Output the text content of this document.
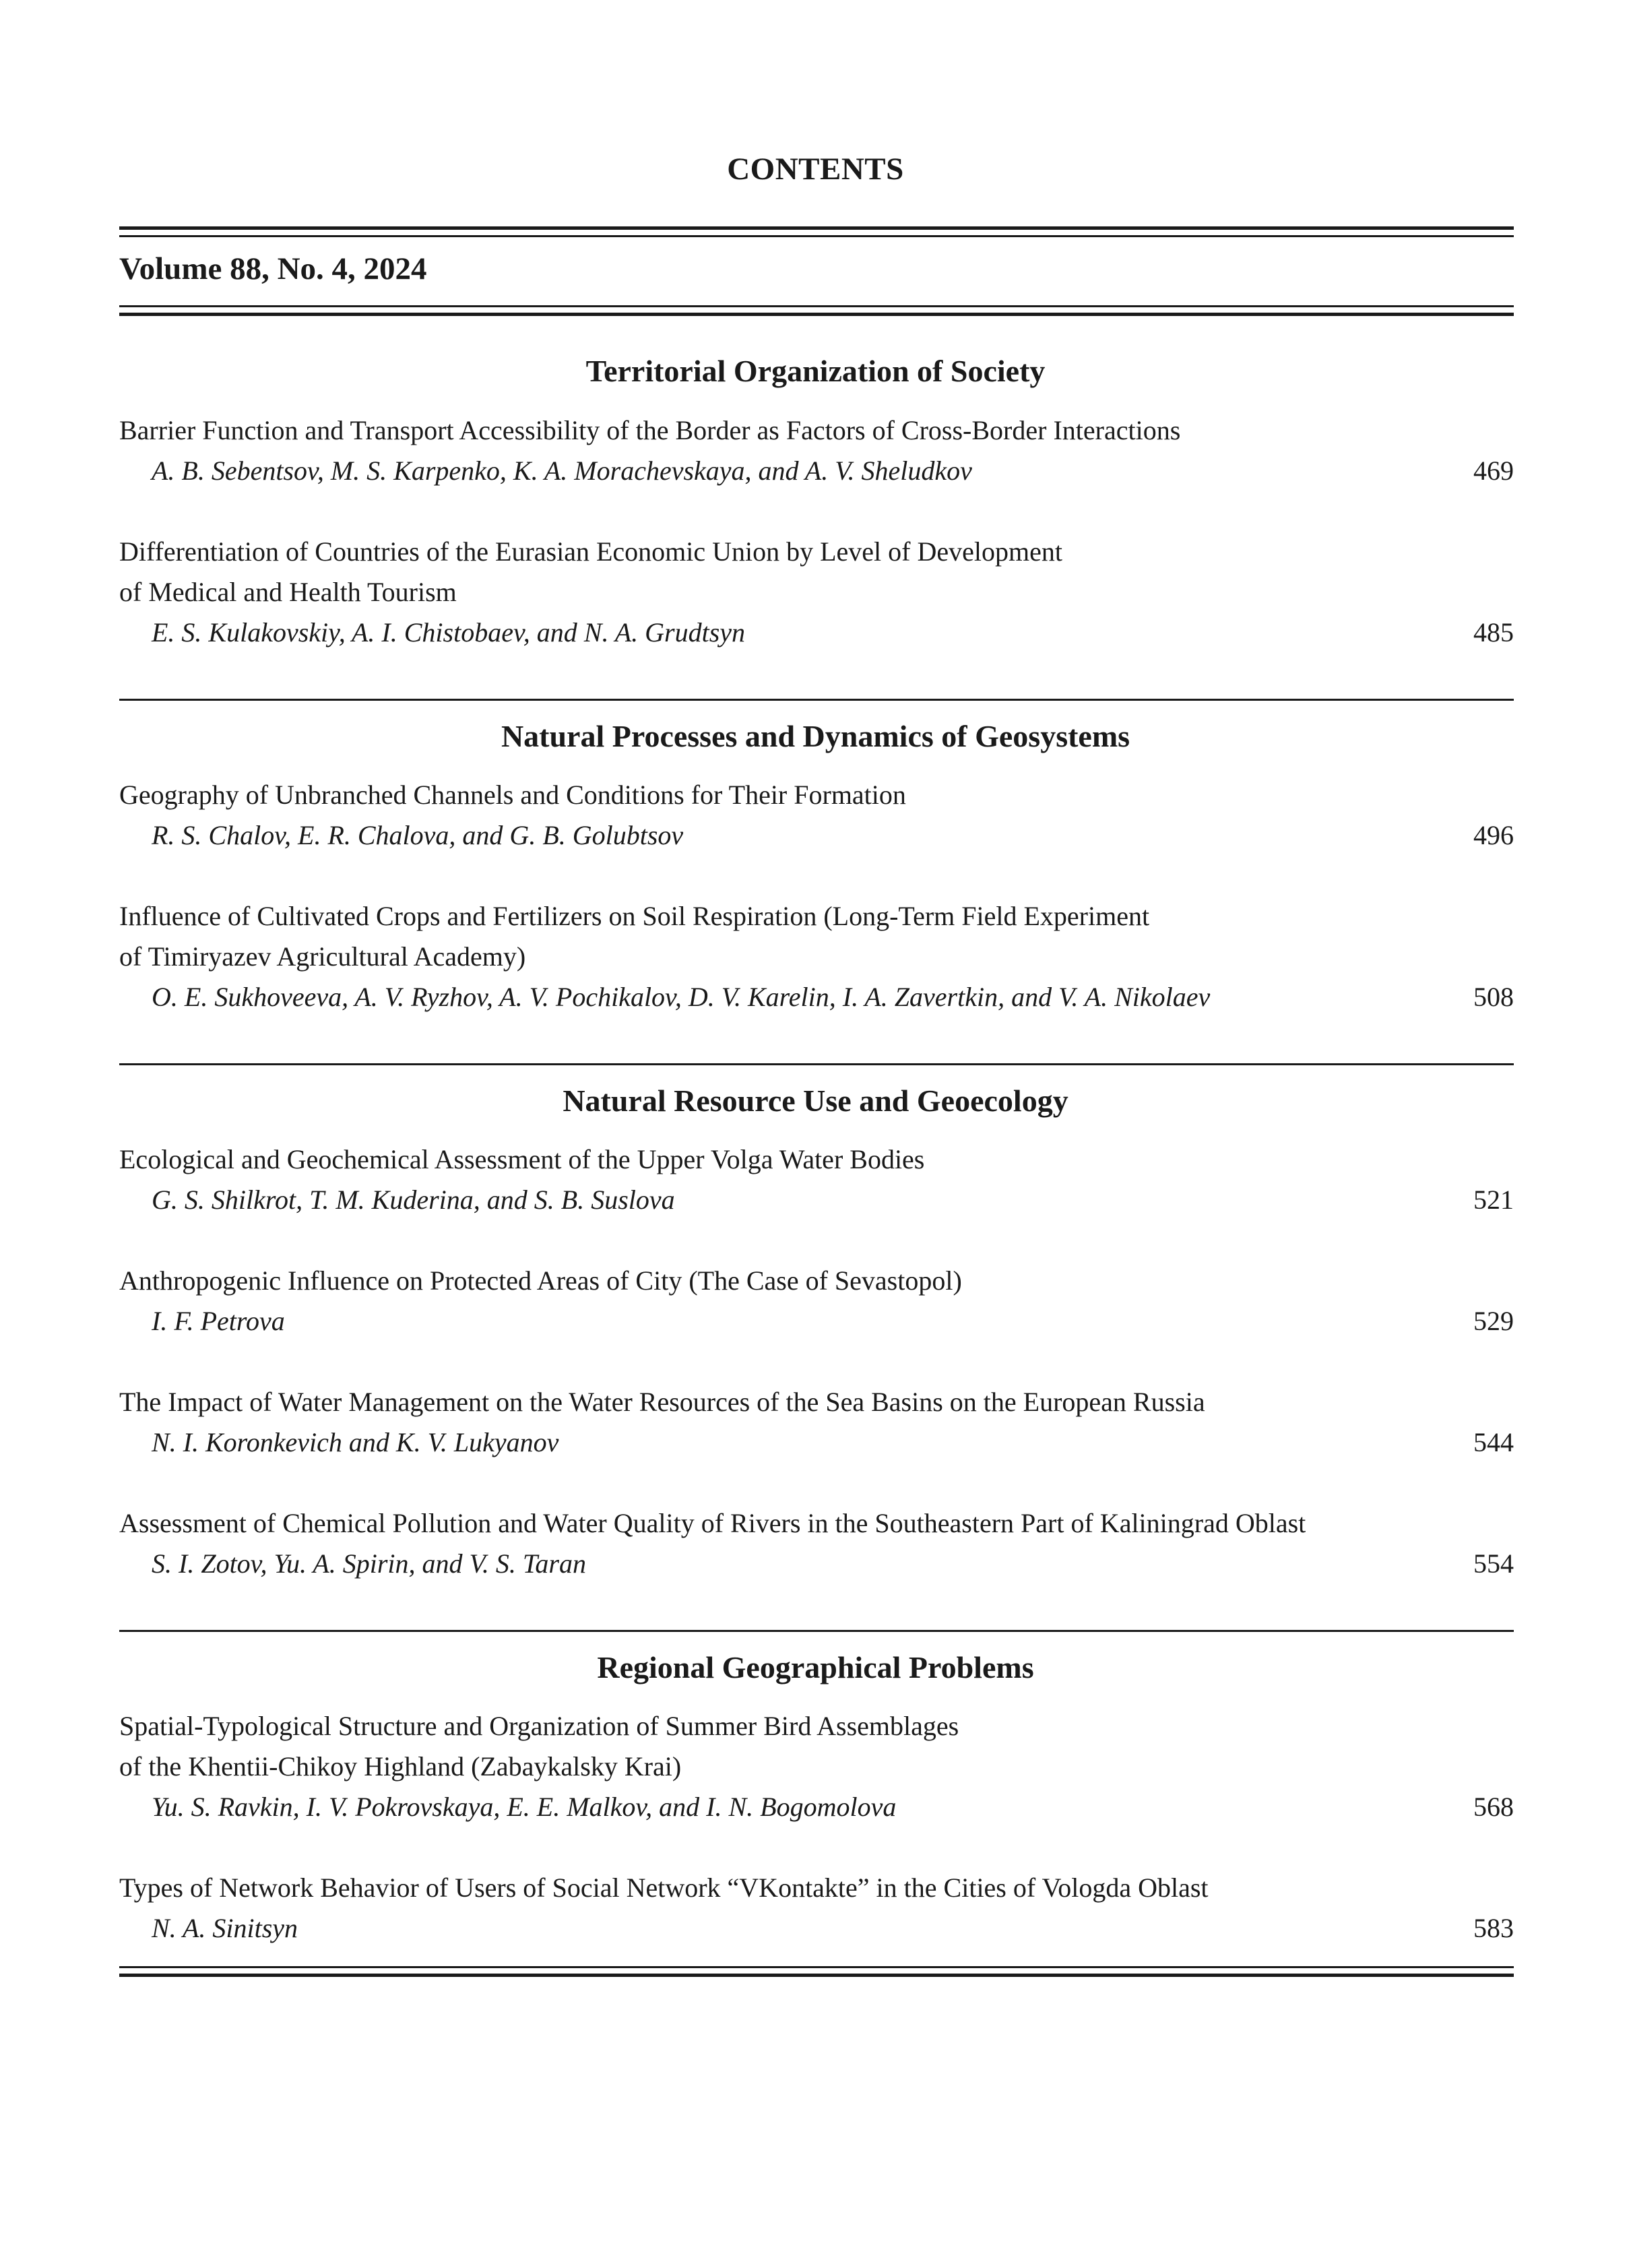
CONTENTS
Volume 88, No. 4, 2024
Territorial Organization of Society
Barrier Function and Transport Accessibility of the Border as Factors of Cross-Border Interactions
A. B. Sebentsov, M. S. Karpenko, K. A. Morachevskaya, and A. V. Sheludkov	469
Differentiation of Countries of the Eurasian Economic Union by Level of Development
of Medical and Health Tourism
E. S. Kulakovskiy, A. I. Chistobaev, and N. A. Grudtsyn	485
Natural Processes and Dynamics of Geosystems
Geography of Unbranched Channels and Conditions for Their Formation
R. S. Chalov, E. R. Chalova, and G. B. Golubtsov	496
Influence of Cultivated Crops and Fertilizers on Soil Respiration (Long-Term Field Experiment
of Timiryazev Agricultural Academy)
O. E. Sukhoveeva, A. V. Ryzhov, A. V. Pochikalov, D. V. Karelin, I. A. Zavertkin, and V. A. Nikolaev	508
Natural Resource Use and Geoecology
Ecological and Geochemical Assessment of the Upper Volga Water Bodies
G. S. Shilkrot, T. M. Kuderina, and S. B. Suslova	521
Anthropogenic Influence on Protected Areas of City (The Case of Sevastopol)
I. F. Petrova	529
The Impact of Water Management on the Water Resources of the Sea Basins on the European Russia
N. I. Koronkevich and K. V. Lukyanov	544
Assessment of Chemical Pollution and Water Quality of Rivers in the Southeastern Part of Kaliningrad Oblast
S. I. Zotov, Yu. A. Spirin, and V. S. Taran	554
Regional Geographical Problems
Spatial-Typological Structure and Organization of Summer Bird Assemblages
of the Khentii-Chikoy Highland (Zabaykalsky Krai)
Yu. S. Ravkin, I. V. Pokrovskaya, E. E. Malkov, and I. N. Bogomolova	568
Types of Network Behavior of Users of Social Network “VKontakte” in the Cities of Vologda Oblast
N. A. Sinitsyn	583
